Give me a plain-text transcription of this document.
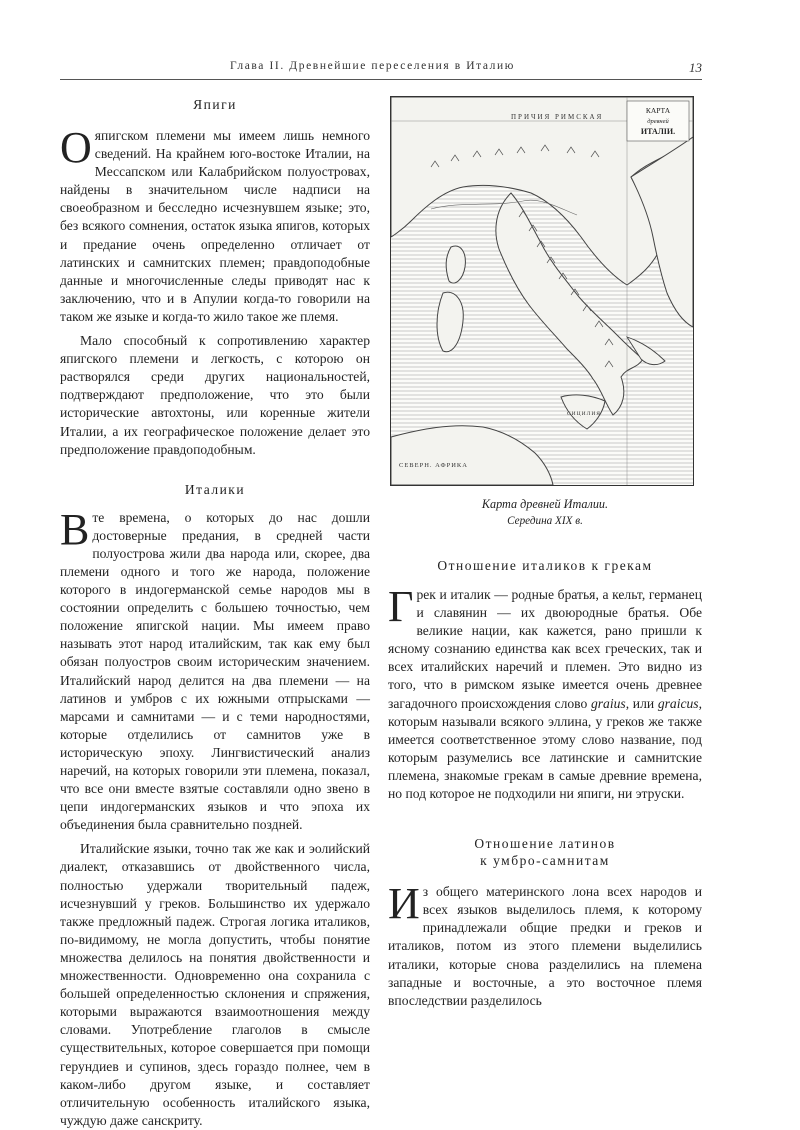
Глава II. Древнейшие переселения в Италию	13
Япиги

Ояпигском племени мы имеем лишь немного сведений. На крайнем юго-востоке Италии, на Мессапском или Калабрийском полуостровах, найдены в значительном числе надписи на своеобразном и бесследно исчезнувшем языке; это, без всякого сомнения, остаток языка япигов, которых и предание очень определенно отличает от латинских и самнитских племен; правдоподобные данные и многочисленные следы приводят нас к заключению, что и в Апулии когда-то говорили на таком же языке и когда-то жило такое же племя.

Мало способный к сопротивлению характер япигского племени и легкость, с которою он растворялся среди других национальностей, подтверждают предположение, что это были исторические автохтоны, или коренные жители Италии, а их географическое положение делает это предположение правдоподобным.

Италики

Вте времена, о которых до нас дошли достоверные предания, в средней части полуострова жили два народа или, скорее, два племени одного и того же народа, положение которого в индогерманской семье народов мы в состоянии определить с большею точностью, чем положение япигской нации. Мы имеем право называть этот народ италийским, так как ему был обязан полуостров своим историческим значением. Италийский народ делится на два племени — на латинов и умбров с их южными отпрысками — марсами и самнитами — и с теми народностями, которые отделились от самнитов уже в историческую эпоху. Лингвистический анализ наречий, на которых говорили эти племена, показал, что все они вместе взятые составляли одно звено в цепи индогерманских языков и что эпоха их объединения была сравнительно поздней.

Италийские языки, точно так же как и эолийский диалект, отказавшись от двойственного числа, полностью удержали творительный падеж, исчезнувший у греков. Большинство их удержало также предложный падеж. Строгая логика италиков, по-видимому, не могла допустить, чтобы понятие множества делилось на понятия двойственности и множественности. Одновременно она сохранила с большей определенностью склонения и спряжения, которыми выражаются взаимоотношения между словами. Употребление глаголов в смысле существительных, которое совершается при помощи герундиев и супинов, здесь гораздо полнее, чем в каком-либо другом языке, и составляет отличительную особенность италийского языка, чуждую даже санскриту.

КАРТА
древней
ИТАЛІИ.
ПРИЧИЯ РИМСКАЯ
СИЦИЛИЯ
СЕВЕРН. АФРИКА
Карта древней Италии.
Середина XIX в.
Отношение италиков к грекам

Грек и италик — родные братья, а кельт, германец и славянин — их двоюродные братья. Обе великие нации, как кажется, рано пришли к ясному сознанию единства как всех греческих, так и всех италийских наречий и племен. Это видно из того, что в римском языке имеется очень древнее загадочного происхождения слово graius, или graicus, которым называли всякого эллина, у греков же также имеется соответственное этому слово название, под которым разумелись все латинские и самнитские племена, знакомые грекам в самые древние времена, но под которое не подходили ни япиги, ни этруски.

Отношение латинов
к умбро-самнитам

Из общего материнского лона всех народов и всех языков выделилось племя, к которому принадлежали общие предки и греков и италиков, потом из этого племени выделились италики, которые снова разделились на племена западные и восточные, а это восточное племя впоследствии разделилось
